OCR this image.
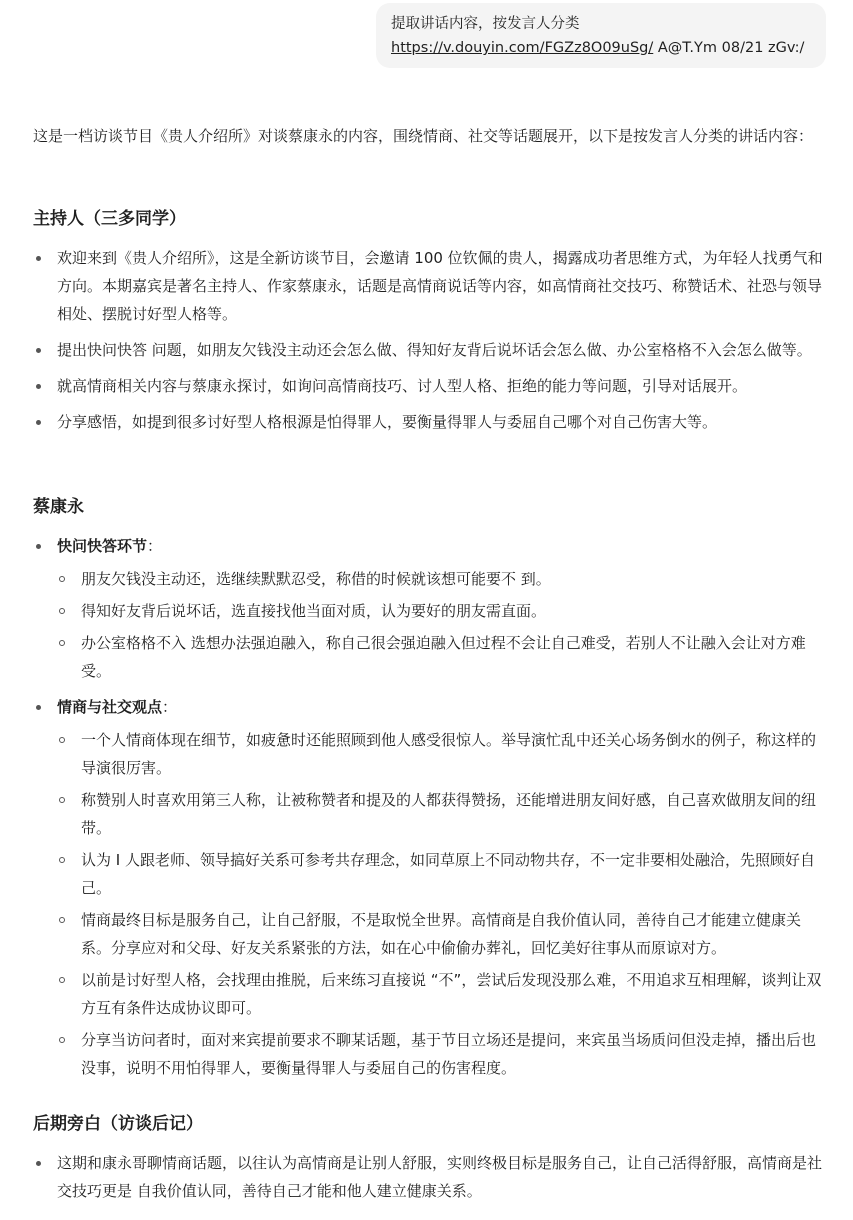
提取讲话内容，按发言人分类
https://v.douyin.com/FGZz8O09uSg/ A@T.Ym 08/21 zGv:/
这是一档访谈节目《贵人介绍所》对谈蔡康永的内容，围绕情商、社交等话题展开，以下是按发言人分类的讲话内容：
主持人（三多同学）
欢迎来到《贵人介绍所》，这是全新访谈节目，会邀请 100 位钦佩的贵人，揭露成功者思维方式，为年轻人找勇气和方向。本期嘉宾是著名主持人、作家蔡康永，话题是高情商说话等内容，如高情商社交技巧、称赞话术、社恐与领导相处、摆脱讨好型人格等。
提出快问快答 问题，如朋友欠钱没主动还会怎么做、得知好友背后说坏话会怎么做、办公室格格不入会怎么做等。
就高情商相关内容与蔡康永探讨，如询问高情商技巧、讨人型人格、拒绝的能力等问题，引导对话展开。
分享感悟，如提到很多讨好型人格根源是怕得罪人，要衡量得罪人与委屈自己哪个对自己伤害大等。
蔡康永
快问快答环节：
朋友欠钱没主动还，选继续默默忍受，称借的时候就该想可能要不 到。
得知好友背后说坏话，选直接找他当面对质，认为要好的朋友需直面。
办公室格格不入 选想办法强迫融入，称自己很会强迫融入但过程不会让自己难受，若别人不让融入会让对方难受。
情商与社交观点：
一个人情商体现在细节，如疲惫时还能照顾到他人感受很惊人。举导演忙乱中还关心场务倒水的例子，称这样的导演很厉害。
称赞别人时喜欢用第三人称，让被称赞者和提及的人都获得赞扬，还能增进朋友间好感，自己喜欢做朋友间的纽带。
认为 I 人跟老师、领导搞好关系可参考共存理念，如同草原上不同动物共存，不一定非要相处融洽，先照顾好自己。
情商最终目标是服务自己，让自己舒服，不是取悦全世界。高情商是自我价值认同，善待自己才能建立健康关系。分享应对和父母、好友关系紧张的方法，如在心中偷偷办葬礼，回忆美好往事从而原谅对方。
以前是讨好型人格，会找理由推脱，后来练习直接说 “不”，尝试后发现没那么难，不用追求互相理解，谈判让双方互有条件达成协议即可。
分享当访问者时，面对来宾提前要求不聊某话题，基于节目立场还是提问，来宾虽当场质问但没走掉，播出后也没事，说明不用怕得罪人，要衡量得罪人与委屈自己的伤害程度。
后期旁白（访谈后记）
这期和康永哥聊情商话题，以往认为高情商是让别人舒服，实则终极目标是服务自己，让自己活得舒服，高情商是社交技巧更是 自我价值认同，善待自己才能和他人建立健康关系。
